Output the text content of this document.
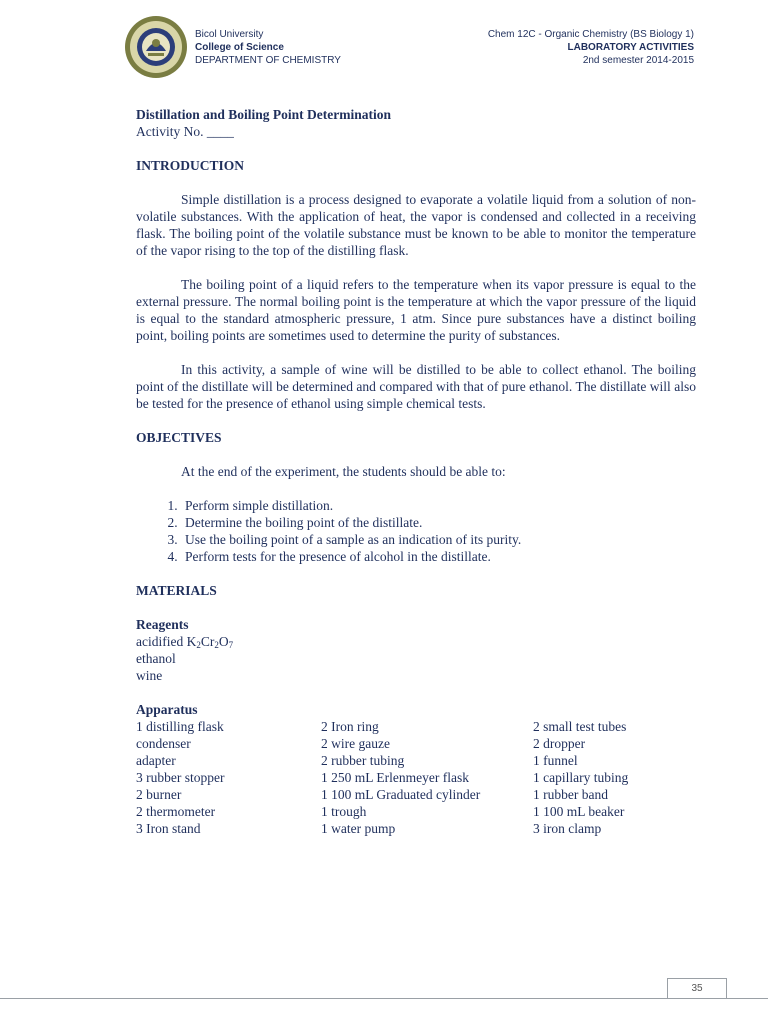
Bicol University
College of Science
DEPARTMENT OF CHEMISTRY
Chem 12C - Organic Chemistry (BS Biology 1)
LABORATORY ACTIVITIES
2nd semester 2014-2015
Distillation and Boiling Point Determination
Activity No. ____
INTRODUCTION

Simple distillation is a process designed to evaporate a volatile liquid from a solution of non-volatile substances. With the application of heat, the vapor is condensed and collected in a receiving flask. The boiling point of the volatile substance must be known to be able to monitor the temperature of the vapor rising to the top of the distilling flask.

The boiling point of a liquid refers to the temperature when its vapor pressure is equal to the external pressure. The normal boiling point is the temperature at which the vapor pressure of the liquid is equal to the standard atmospheric pressure, 1 atm. Since pure substances have a distinct boiling point, boiling points are sometimes used to determine the purity of substances.

In this activity, a sample of wine will be distilled to be able to collect ethanol. The boiling point of the distillate will be determined and compared with that of pure ethanol. The distillate will also be tested for the presence of ethanol using simple chemical tests.

OBJECTIVES

At the end of the experiment, the students should be able to:

1. Perform simple distillation.
2. Determine the boiling point of the distillate.
3. Use the boiling point of a sample as an indication of its purity.
4. Perform tests for the presence of alcohol in the distillate.
MATERIALS
Reagents
acidified $K_2Cr_2O_7$
ethanol
wine
Apparatus
1 distilling flask	2 Iron ring	2 small test tubes
condenser	2 wire gauze	2 dropper
adapter	2 rubber tubing	1 funnel
3 rubber stopper	1 250 mL Erlenmeyer flask	1 capillary tubing
2 burner	1 100 mL Graduated cylinder	1 rubber band
2 thermometer	1 trough	1 100 mL beaker
3 Iron stand	1 water pump	3 iron clamp
35
